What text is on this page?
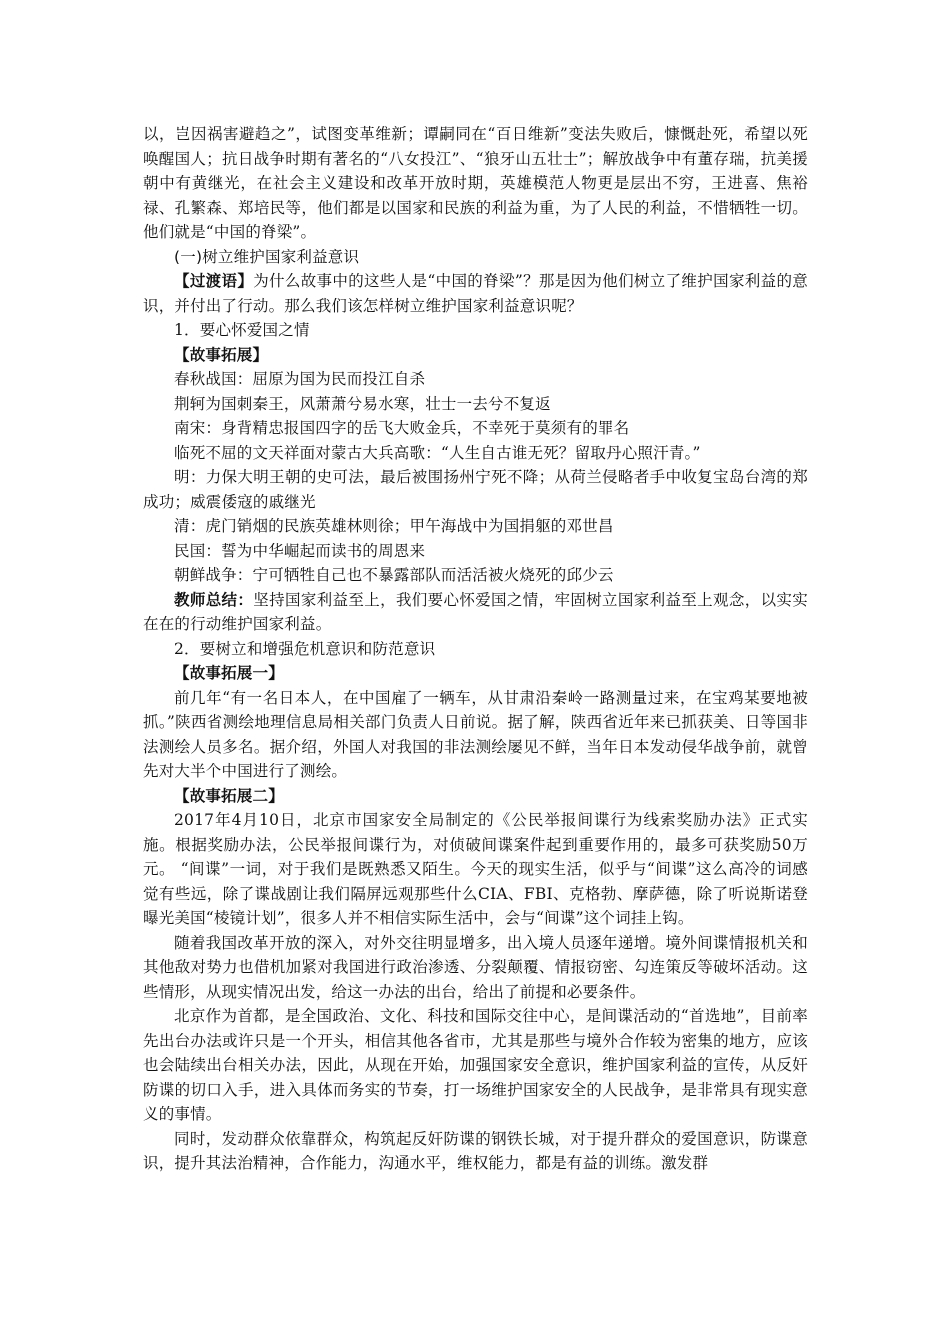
以，岂因祸害避趋之”，试图变革维新；谭嗣同在“百日维新”变法失败后，慷慨赴死，希望以死唤醒国人；抗日战争时期有著名的“八女投江”、“狼牙山五壮士”；解放战争中有董存瑞，抗美援朝中有黄继光，在社会主义建设和改革开放时期，英雄模范人物更是层出不穷，王进喜、焦裕禄、孔繁森、郑培民等，他们都是以国家和民族的利益为重，为了人民的利益，不惜牺牲一切。他们就是“中国的脊梁”。

(一)树立维护国家利益意识

【过渡语】为什么故事中的这些人是“中国的脊梁”？那是因为他们树立了维护国家利益的意识，并付出了行动。那么我们该怎样树立维护国家利益意识呢？

1．要心怀爱国之情

【故事拓展】

春秋战国：屈原为国为民而投江自杀

荆轲为国刺秦王，风萧萧兮易水寒，壮士一去兮不复返

南宋：身背精忠报国四字的岳飞大败金兵，不幸死于莫须有的罪名

临死不屈的文天祥面对蒙古大兵高歌：“人生自古谁无死？留取丹心照汗青。”

明：力保大明王朝的史可法，最后被围扬州宁死不降；从荷兰侵略者手中收复宝岛台湾的郑成功；威震倭寇的戚继光

清：虎门销烟的民族英雄林则徐；甲午海战中为国捐躯的邓世昌

民国：誓为中华崛起而读书的周恩来

朝鲜战争：宁可牺牲自己也不暴露部队而活活被火烧死的邱少云

教师总结：坚持国家利益至上，我们要心怀爱国之情，牢固树立国家利益至上观念，以实实在在的行动维护国家利益。

2．要树立和增强危机意识和防范意识

【故事拓展一】

前几年“有一名日本人，在中国雇了一辆车，从甘肃沿秦岭一路测量过来，在宝鸡某要地被抓。”陕西省测绘地理信息局相关部门负责人日前说。据了解，陕西省近年来已抓获美、日等国非法测绘人员多名。据介绍，外国人对我国的非法测绘屡见不鲜，当年日本发动侵华战争前，就曾先对大半个中国进行了测绘。

【故事拓展二】

2017年4月10日，北京市国家安全局制定的《公民举报间谍行为线索奖励办法》正式实施。根据奖励办法，公民举报间谍行为，对侦破间谍案件起到重要作用的，最多可获奖励50万元。 “间谍”一词，对于我们是既熟悉又陌生。今天的现实生活，似乎与“间谍”这么高冷的词感觉有些远，除了谍战剧让我们隔屏远观那些什么CIA、FBI、克格勃、摩萨德，除了听说斯诺登曝光美国“棱镜计划”，很多人并不相信实际生活中，会与“间谍”这个词挂上钩。

随着我国改革开放的深入，对外交往明显增多，出入境人员逐年递增。境外间谍情报机关和其他敌对势力也借机加紧对我国进行政治渗透、分裂颠覆、情报窃密、勾连策反等破坏活动。这些情形，从现实情况出发，给这一办法的出台，给出了前提和必要条件。

北京作为首都，是全国政治、文化、科技和国际交往中心，是间谍活动的“首选地”，目前率先出台办法或许只是一个开头，相信其他各省市，尤其是那些与境外合作较为密集的地方，应该也会陆续出台相关办法，因此，从现在开始，加强国家安全意识，维护国家利益的宣传，从反奸防谍的切口入手，进入具体而务实的节奏，打一场维护国家安全的人民战争，是非常具有现实意义的事情。

同时，发动群众依靠群众，构筑起反奸防谍的钢铁长城，对于提升群众的爱国意识，防谍意识，提升其法治精神，合作能力，沟通水平，维权能力，都是有益的训练。激发群
